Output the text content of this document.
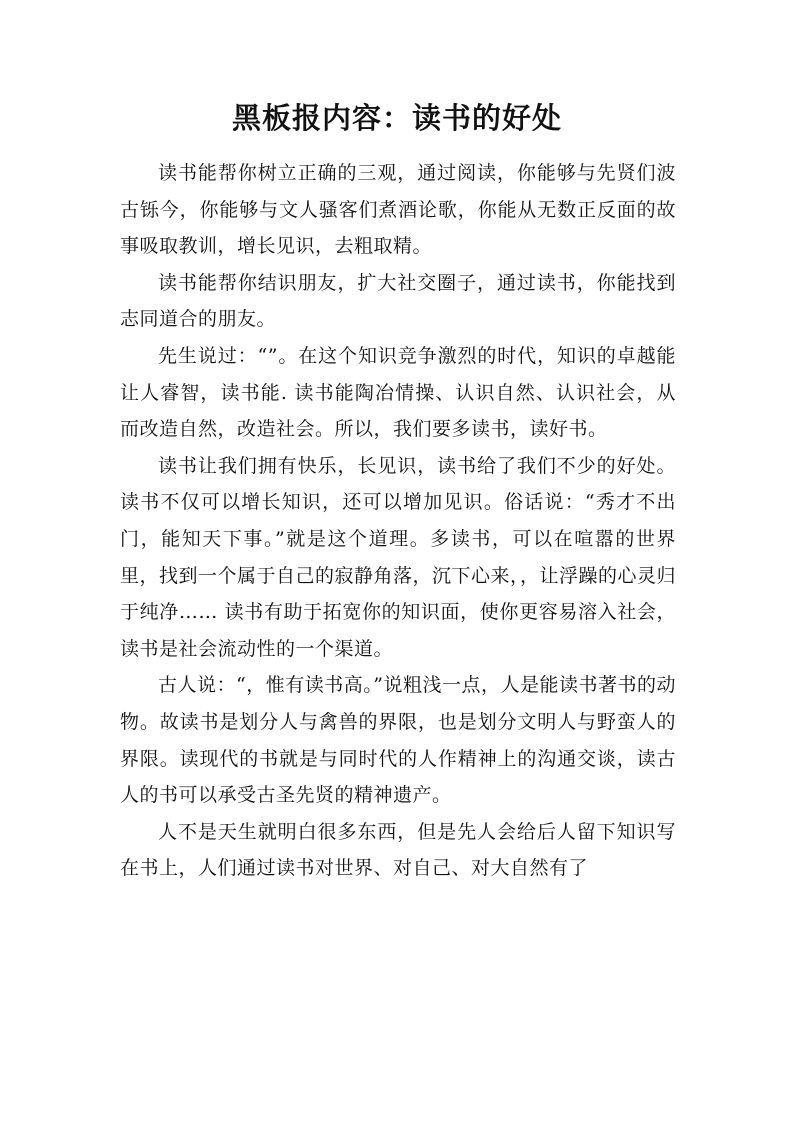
黑板报内容：读书的好处

读书能帮你树立正确的三观，通过阅读，你能够与先贤们波古铄今，你能够与文人骚客们煮酒论歌，你能从无数正反面的故事吸取教训，增长见识，去粗取精。

读书能帮你结识朋友，扩大社交圈子，通过读书，你能找到志同道合的朋友。

先生说过：“”。在这个知识竞争激烈的时代，知识的卓越能让人睿智，读书能. 读书能陶冶情操、认识自然、认识社会，从而改造自然，改造社会。所以，我们要多读书，读好书。

读书让我们拥有快乐，长见识，读书给了我们不少的好处。读书不仅可以增长知识，还可以增加见识。俗话说：“秀才不出门，能知天下事。”就是这个道理。多读书，可以在喧嚣的世界里，找到一个属于自己的寂静角落，沉下心来，，让浮躁的心灵归于纯净…… 读书有助于拓宽你的知识面，使你更容易溶入社会，读书是社会流动性的一个渠道。

古人说：“，惟有读书高。”说粗浅一点，人是能读书著书的动物。故读书是划分人与禽兽的界限，也是划分文明人与野蛮人的界限。读现代的书就是与同时代的人作精神上的沟通交谈，读古人的书可以承受古圣先贤的精神遗产。

人不是天生就明白很多东西，但是先人会给后人留下知识写在书上，人们通过读书对世界、对自己、对大自然有了
